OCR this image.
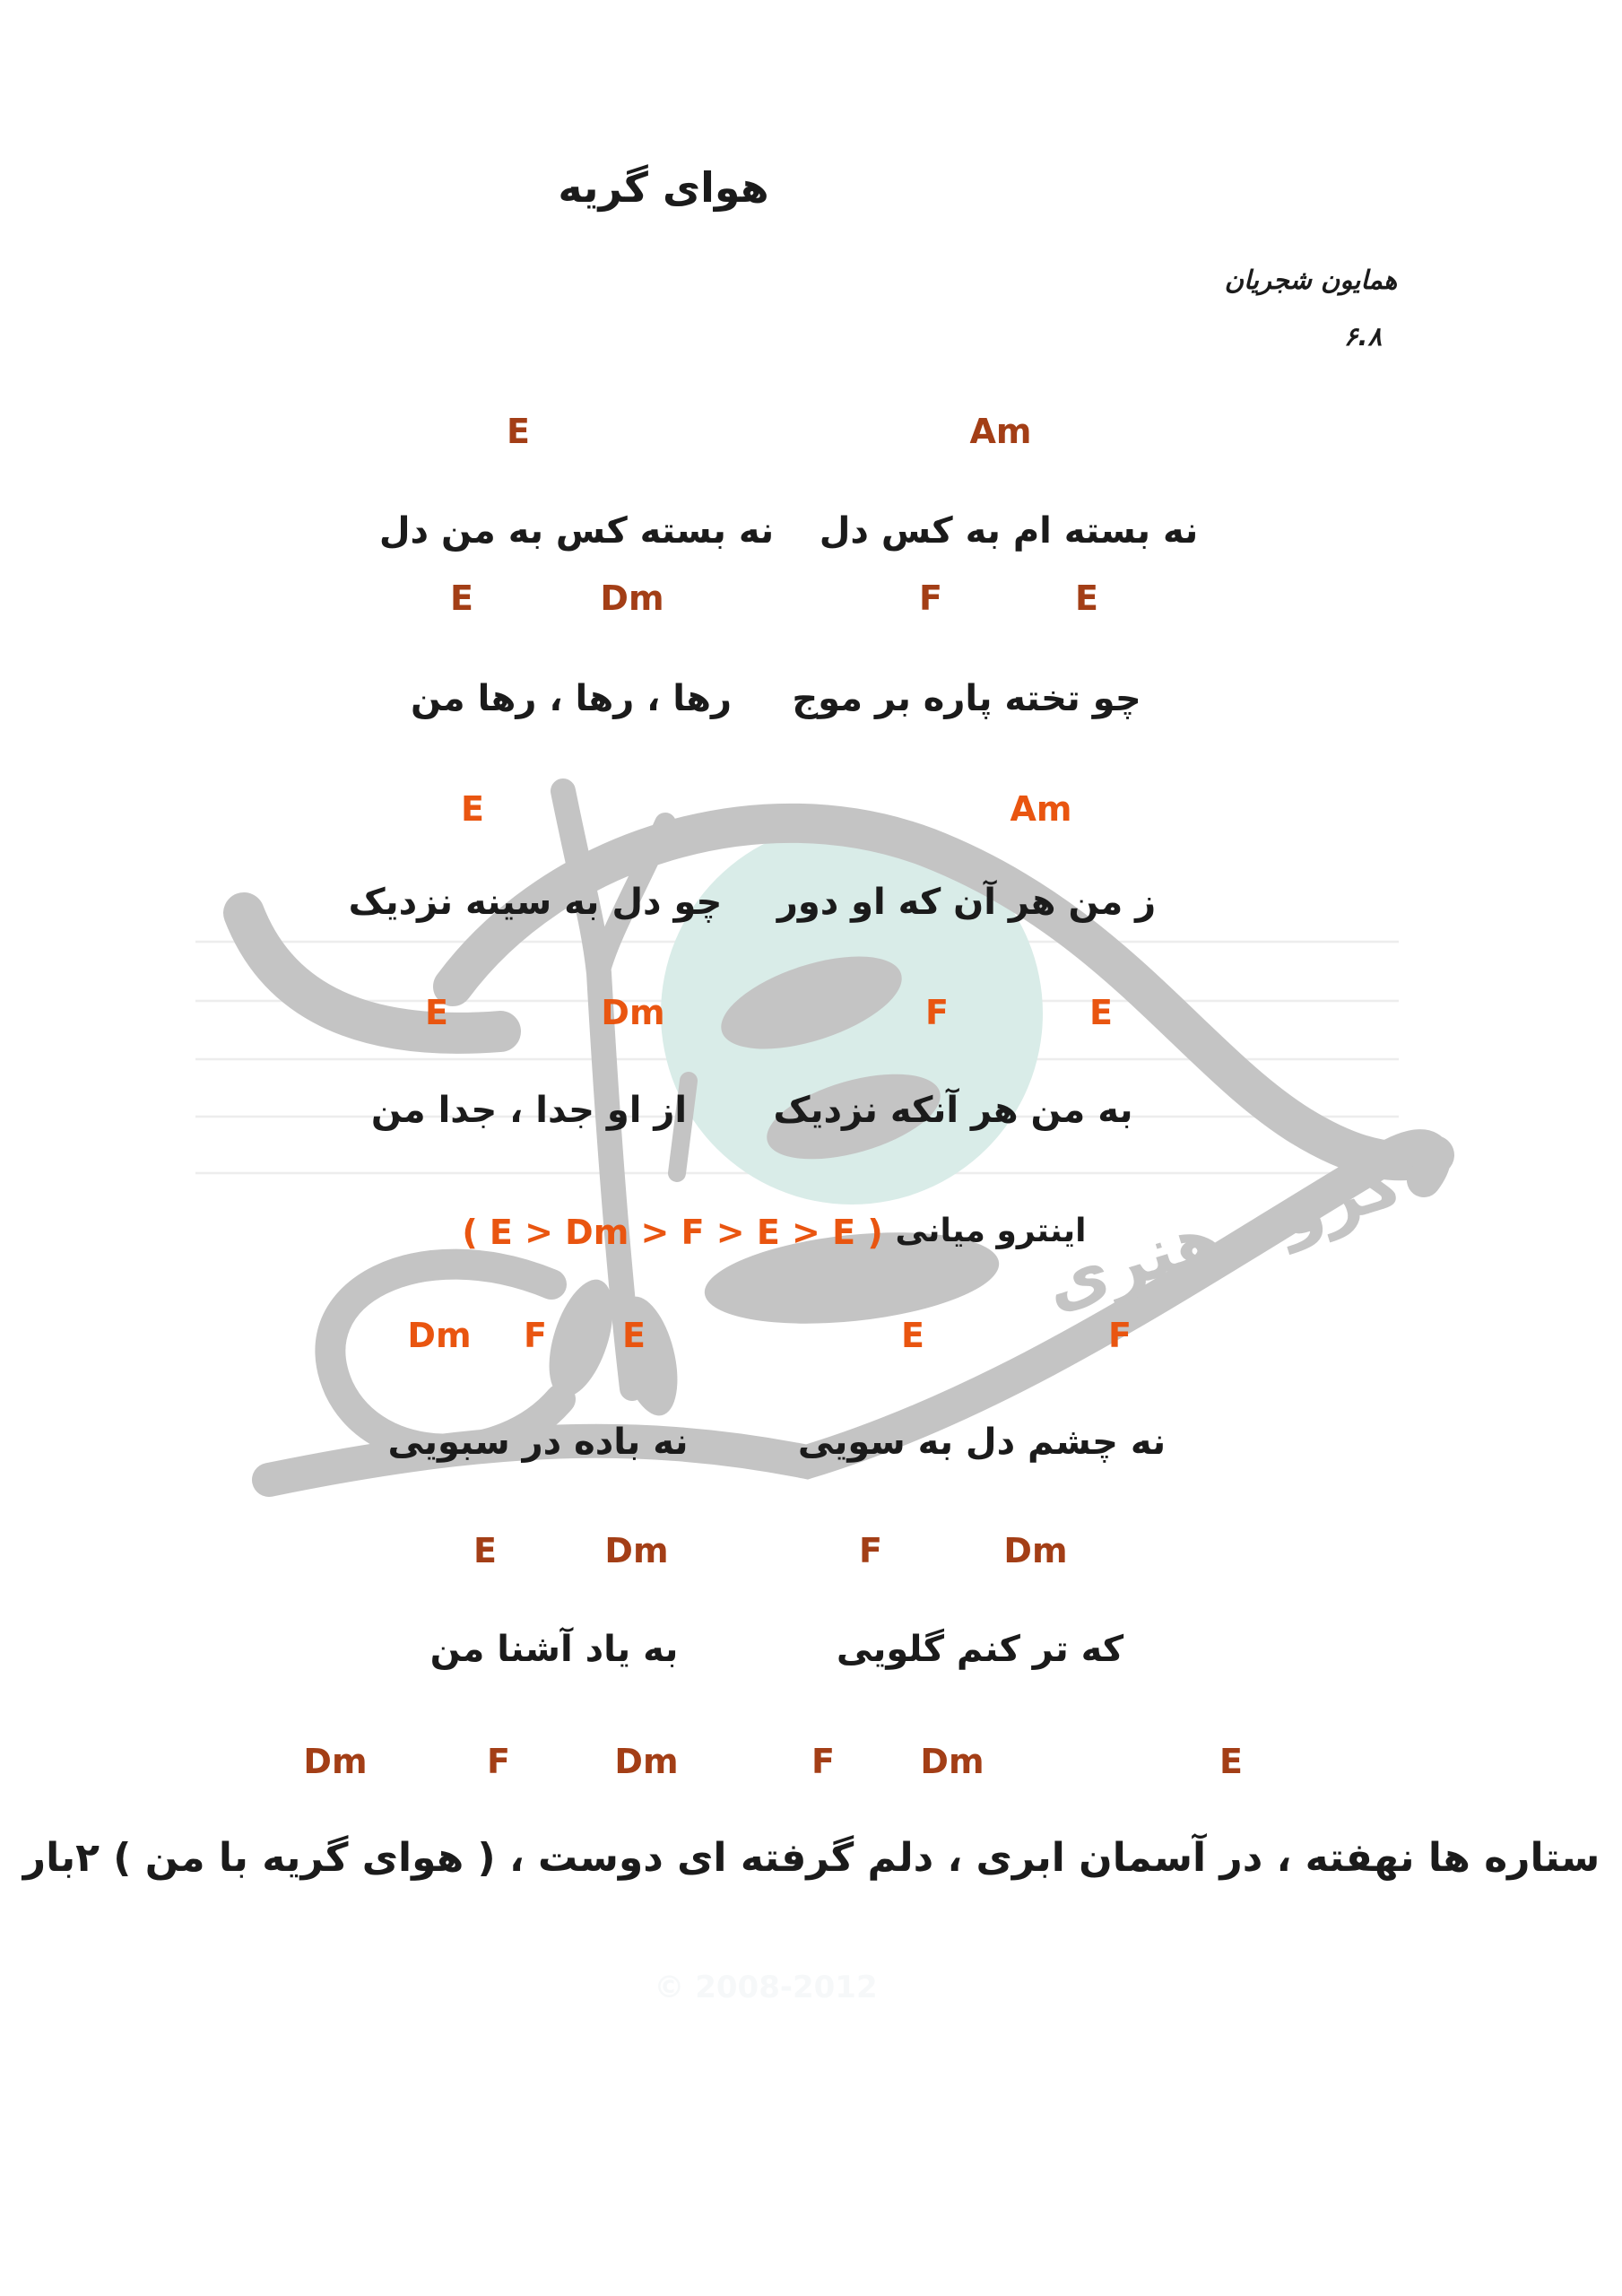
گروه هنری
هوای گریه
همایون شجریان
۶.۸
E	Am
نه بسته ام به کس دل
نه بسته کس به من دل
E	Dm	F	E
چو تخته پاره بر موج
رها ، رها ، رها من
E	Am
ز من هر آن که او دور
چو دل به سینه نزدیک
E	Dm	F	E
به من هر آنکه نزدیک
از او جدا ، جدا من
اینترو میانی
( E > Dm > F > E > E )
Dm F E	E	F
نه چشم دل به سویی
نه باده در سبویی
E	Dm	F	Dm
که تر کنم گلویی
به یاد آشنا من
Dm	F	Dm	F	Dm	E
ستاره ها نهفته ، در آسمان ابری ، دلم گرفته ای دوست ، ( هوای گریه با من ) ۲بار
© 2008-2012
